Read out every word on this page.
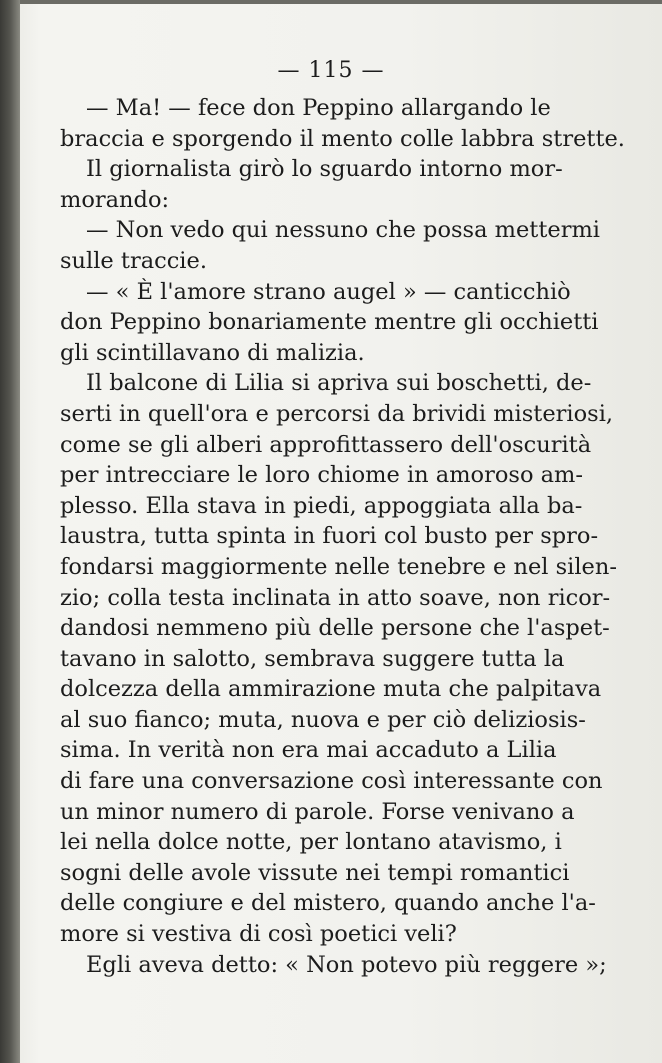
— 115 —
— Ma! — fece don Peppino allargando le
braccia e sporgendo il mento colle labbra strette.
Il giornalista girò lo sguardo intorno mor-
morando:
— Non vedo qui nessuno che possa mettermi
sulle traccie.
— « È l'amore strano augel » — canticchiò
don Peppino bonariamente mentre gli occhietti
gli scintillavano di malizia.
Il balcone di Lilia si apriva sui boschetti, de-
serti in quell'ora e percorsi da brividi misteriosi,
come se gli alberi approfittassero dell'oscurità
per intrecciare le loro chiome in amoroso am-
plesso. Ella stava in piedi, appoggiata alla ba-
laustra, tutta spinta in fuori col busto per spro-
fondarsi maggiormente nelle tenebre e nel silen-
zio; colla testa inclinata in atto soave, non ricor-
dandosi nemmeno più delle persone che l'aspet-
tavano in salotto, sembrava suggere tutta la
dolcezza della ammirazione muta che palpitava
al suo fianco; muta, nuova e per ciò deliziosis-
sima. In verità non era mai accaduto a Lilia
di fare una conversazione così interessante con
un minor numero di parole. Forse venivano a
lei nella dolce notte, per lontano atavismo, i
sogni delle avole vissute nei tempi romantici
delle congiure e del mistero, quando anche l'a-
more si vestiva di così poetici veli?
Egli aveva detto: « Non potevo più reggere »;
